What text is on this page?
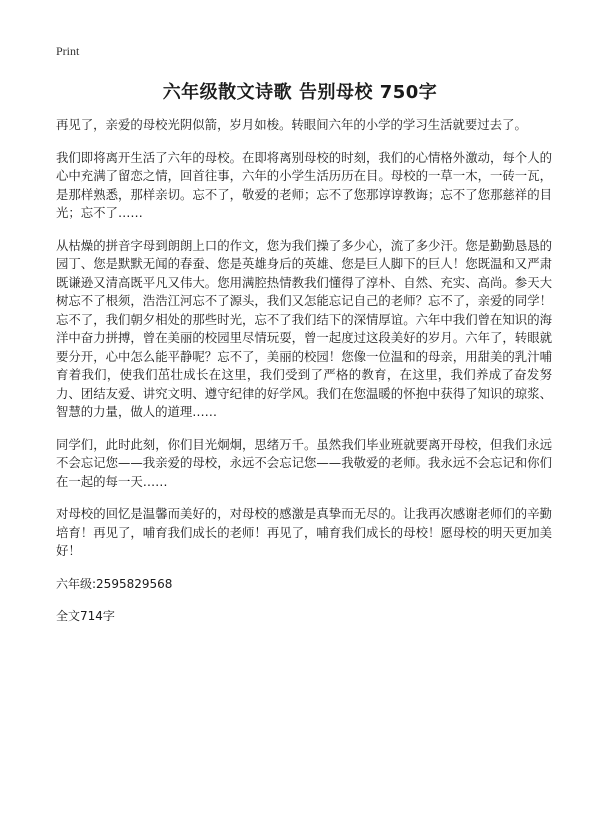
Print
六年级散文诗歌 告别母校 750字

再见了，亲爱的母校光阴似箭，岁月如梭。转眼间六年的小学的学习生活就要过去了。

我们即将离开生活了六年的母校。在即将离别母校的时刻，我们的心情格外激动，每个人的心中充满了留恋之情，回首往事，六年的小学生活历历在目。母校的一草一木，一砖一瓦，是那样熟悉，那样亲切。忘不了，敬爱的老师；忘不了您那谆谆教诲；忘不了您那慈祥的目光；忘不了……

从枯燥的拼音字母到朗朗上口的作文，您为我们操了多少心，流了多少汗。您是勤勤恳恳的园丁、您是默默无闻的春蚕、您是英雄身后的英雄、您是巨人脚下的巨人！您既温和又严肃既谦逊又清高既平凡又伟大。您用满腔热情教我们懂得了淳朴、自然、充实、高尚。参天大树忘不了根须，浩浩江河忘不了源头，我们又怎能忘记自己的老师？忘不了，亲爱的同学！忘不了，我们朝夕相处的那些时光，忘不了我们结下的深情厚谊。六年中我们曾在知识的海洋中奋力拼搏，曾在美丽的校园里尽情玩耍，曾一起度过这段美好的岁月。六年了，转眼就要分开，心中怎么能平静呢？忘不了，美丽的校园！您像一位温和的母亲，用甜美的乳汁哺育着我们，使我们茁壮成长在这里，我们受到了严格的教育，在这里，我们养成了奋发努力、团结友爱、讲究文明、遵守纪律的好学风。我们在您温暖的怀抱中获得了知识的琼浆、智慧的力量，做人的道理……

同学们，此时此刻，你们目光炯炯，思绪万千。虽然我们毕业班就要离开母校，但我们永远不会忘记您——我亲爱的母校，永远不会忘记您——我敬爱的老师。我永远不会忘记和你们在一起的每一天……

对母校的回忆是温馨而美好的，对母校的感激是真挚而无尽的。让我再次感谢老师们的辛勤培育！再见了，哺育我们成长的老师！再见了，哺育我们成长的母校！愿母校的明天更加美好！

六年级:2595829568
全文714字
